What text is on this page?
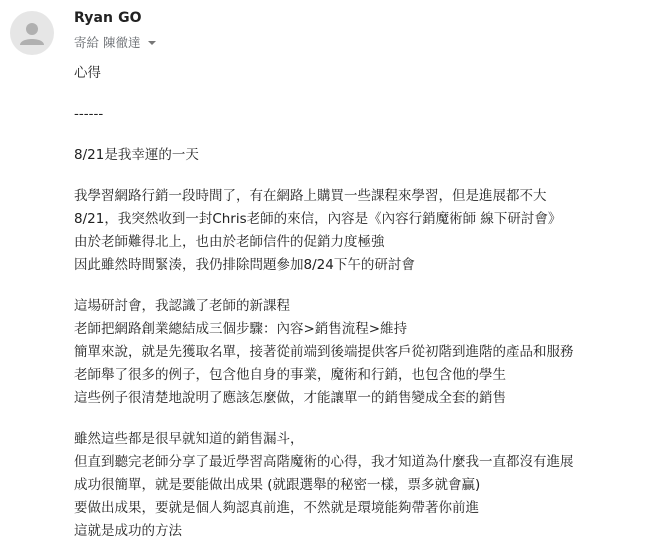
Ryan GO
寄給 陳徹達
心得
------
8/21是我幸運的一天
我學習網路行銷一段時間了，有在網路上購買一些課程來學習，但是進展都不大
8/21，我突然收到一封Chris老師的來信，內容是《內容行銷魔術師 線下研討會》
由於老師難得北上，也由於老師信件的促銷力度極強
因此雖然時間緊湊，我仍排除問題參加8/24下午的研討會
這場研討會，我認識了老師的新課程
老師把網路創業總結成三個步驟：內容>銷售流程>維持
簡單來說，就是先獲取名單，接著從前端到後端提供客戶從初階到進階的產品和服務
老師舉了很多的例子，包含他自身的事業，魔術和行銷，也包含他的學生
這些例子很清楚地說明了應該怎麼做，才能讓單一的銷售變成全套的銷售
雖然這些都是很早就知道的銷售漏斗，
但直到聽完老師分享了最近學習高階魔術的心得，我才知道為什麼我一直都沒有進展
成功很簡單，就是要能做出成果 (就跟選舉的秘密一樣，票多就會贏)
要做出成果，要就是個人夠認真前進，不然就是環境能夠帶著你前進
這就是成功的方法
